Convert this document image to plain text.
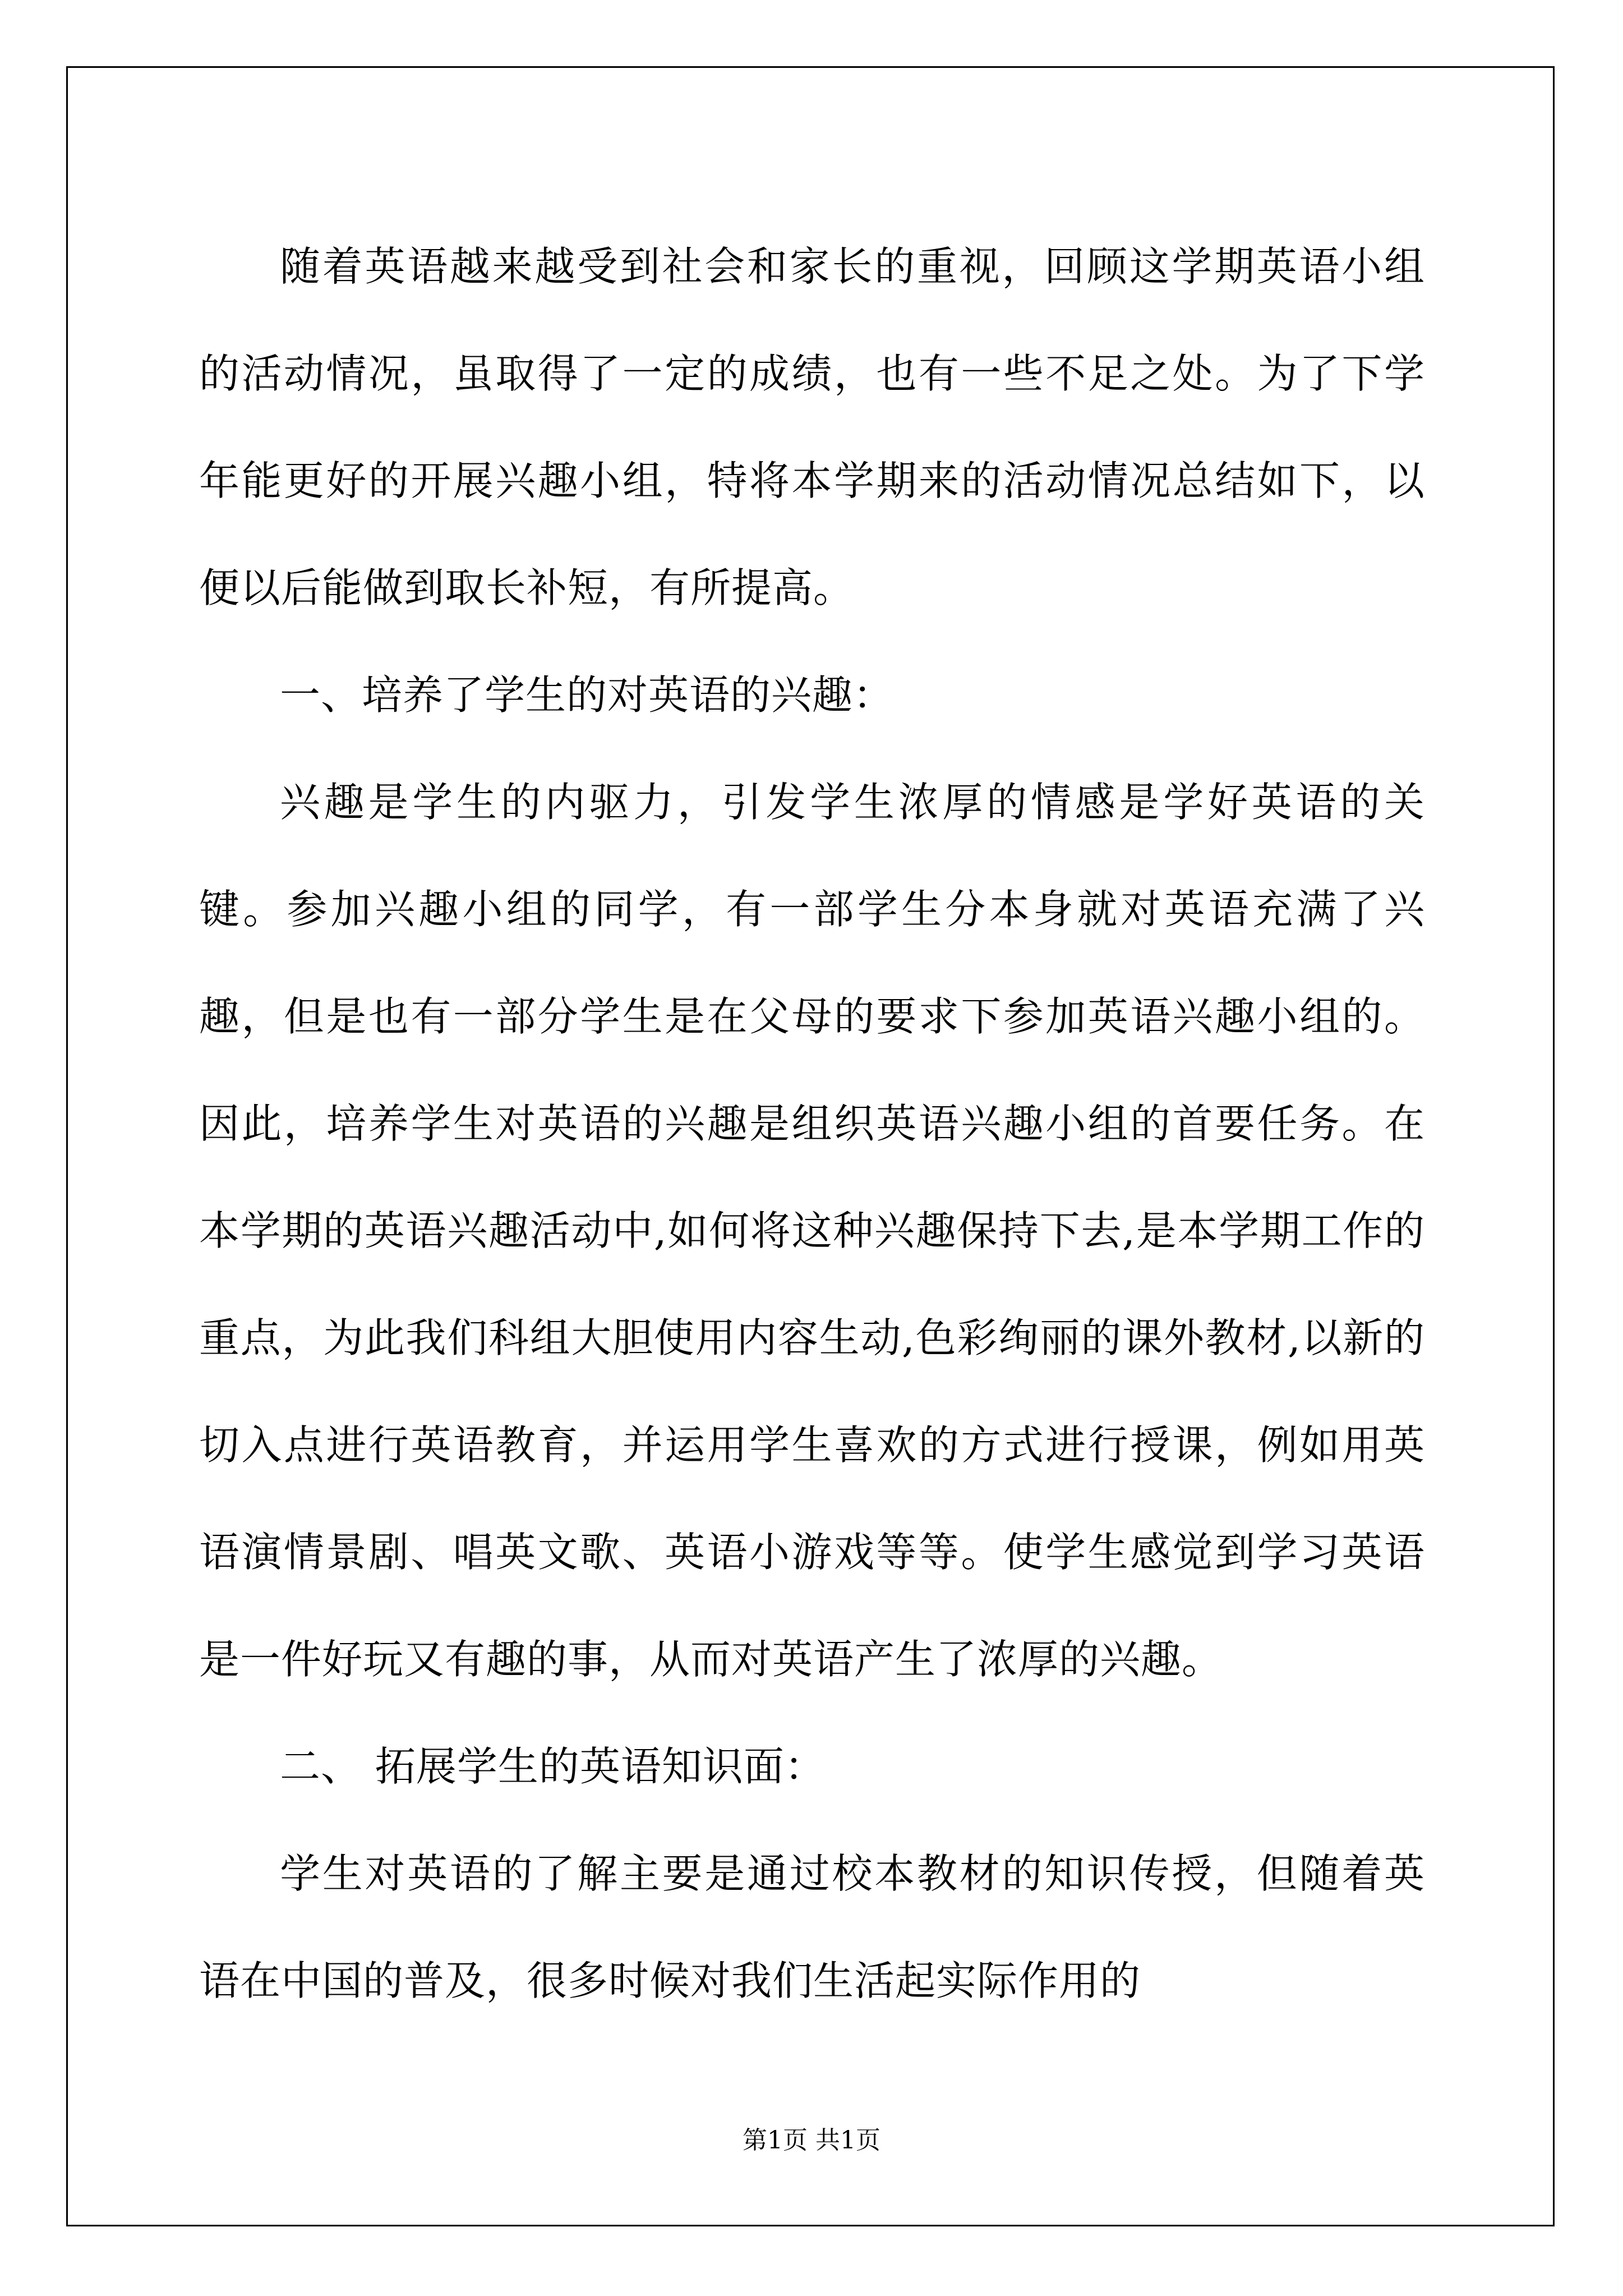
随着英语越来越受到社会和家长的重视，回顾这学期英语小组的活动情况，虽取得了一定的成绩，也有一些不足之处。为了下学年能更好的开展兴趣小组，特将本学期来的活动情况总结如下，以便以后能做到取长补短，有所提高。

一、培养了学生的对英语的兴趣：

兴趣是学生的内驱力，引发学生浓厚的情感是学好英语的关键。参加兴趣小组的同学，有一部学生分本身就对英语充满了兴趣，但是也有一部分学生是在父母的要求下参加英语兴趣小组的。因此，培养学生对英语的兴趣是组织英语兴趣小组的首要任务。在本学期的英语兴趣活动中,如何将这种兴趣保持下去,是本学期工作的重点，为此我们科组大胆使用内容生动,色彩绚丽的课外教材,以新的切入点进行英语教育，并运用学生喜欢的方式进行授课，例如用英语演情景剧、唱英文歌、英语小游戏等等。使学生感觉到学习英语是一件好玩又有趣的事，从而对英语产生了浓厚的兴趣。

二、 拓展学生的英语知识面：

学生对英语的了解主要是通过校本教材的知识传授，但随着英语在中国的普及，很多时候对我们生活起实际作用的

第1页 共1页
